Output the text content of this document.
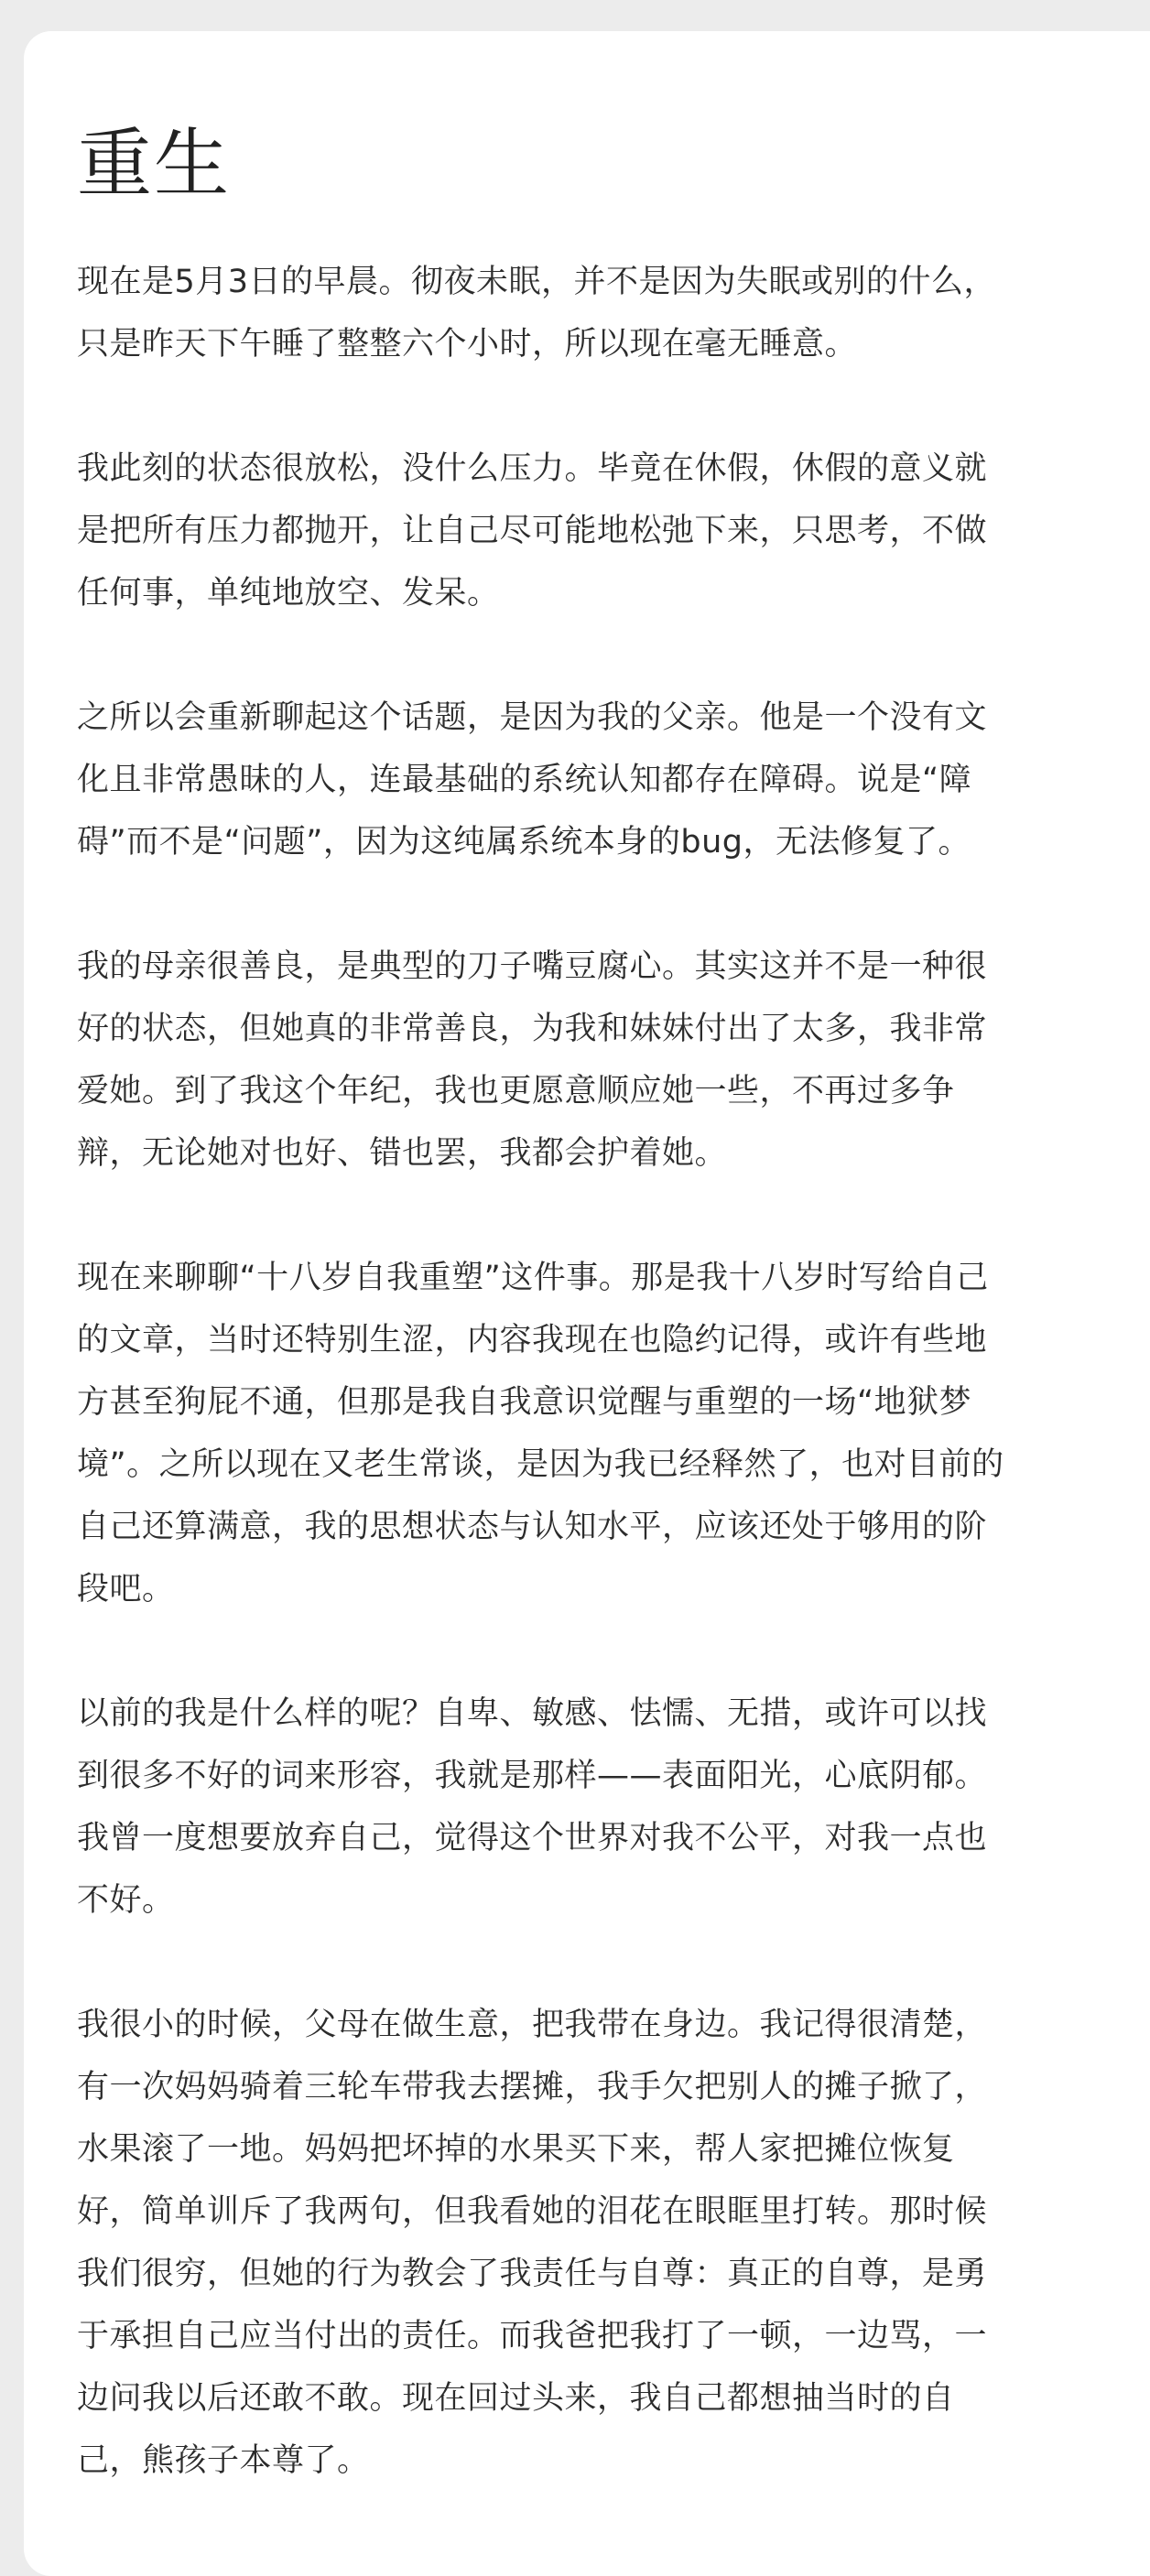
重生

现在是5月3日的早晨。彻夜未眠，并不是因为失眠或别的什么，
只是昨天下午睡了整整六个小时，所以现在毫无睡意。

我此刻的状态很放松，没什么压力。毕竟在休假，休假的意义就
是把所有压力都抛开，让自己尽可能地松弛下来，只思考，不做
任何事，单纯地放空、发呆。

之所以会重新聊起这个话题，是因为我的父亲。他是一个没有文
化且非常愚昧的人，连最基础的系统认知都存在障碍。说是“障
碍”而不是“问题”，因为这纯属系统本身的bug，无法修复了。

我的母亲很善良，是典型的刀子嘴豆腐心。其实这并不是一种很
好的状态，但她真的非常善良，为我和妹妹付出了太多，我非常
爱她。到了我这个年纪，我也更愿意顺应她一些，不再过多争
辩，无论她对也好、错也罢，我都会护着她。

现在来聊聊“十八岁自我重塑”这件事。那是我十八岁时写给自己
的文章，当时还特别生涩，内容我现在也隐约记得，或许有些地
方甚至狗屁不通，但那是我自我意识觉醒与重塑的一场“地狱梦
境”。之所以现在又老生常谈，是因为我已经释然了，也对目前的
自己还算满意，我的思想状态与认知水平，应该还处于够用的阶
段吧。

以前的我是什么样的呢？自卑、敏感、怯懦、无措，或许可以找
到很多不好的词来形容，我就是那样——表面阳光，心底阴郁。
我曾一度想要放弃自己，觉得这个世界对我不公平，对我一点也
不好。

我很小的时候，父母在做生意，把我带在身边。我记得很清楚，
有一次妈妈骑着三轮车带我去摆摊，我手欠把别人的摊子掀了，
水果滚了一地。妈妈把坏掉的水果买下来，帮人家把摊位恢复
好，简单训斥了我两句，但我看她的泪花在眼眶里打转。那时候
我们很穷，但她的行为教会了我责任与自尊：真正的自尊，是勇
于承担自己应当付出的责任。而我爸把我打了一顿，一边骂，一
边问我以后还敢不敢。现在回过头来，我自己都想抽当时的自
己，熊孩子本尊了。
